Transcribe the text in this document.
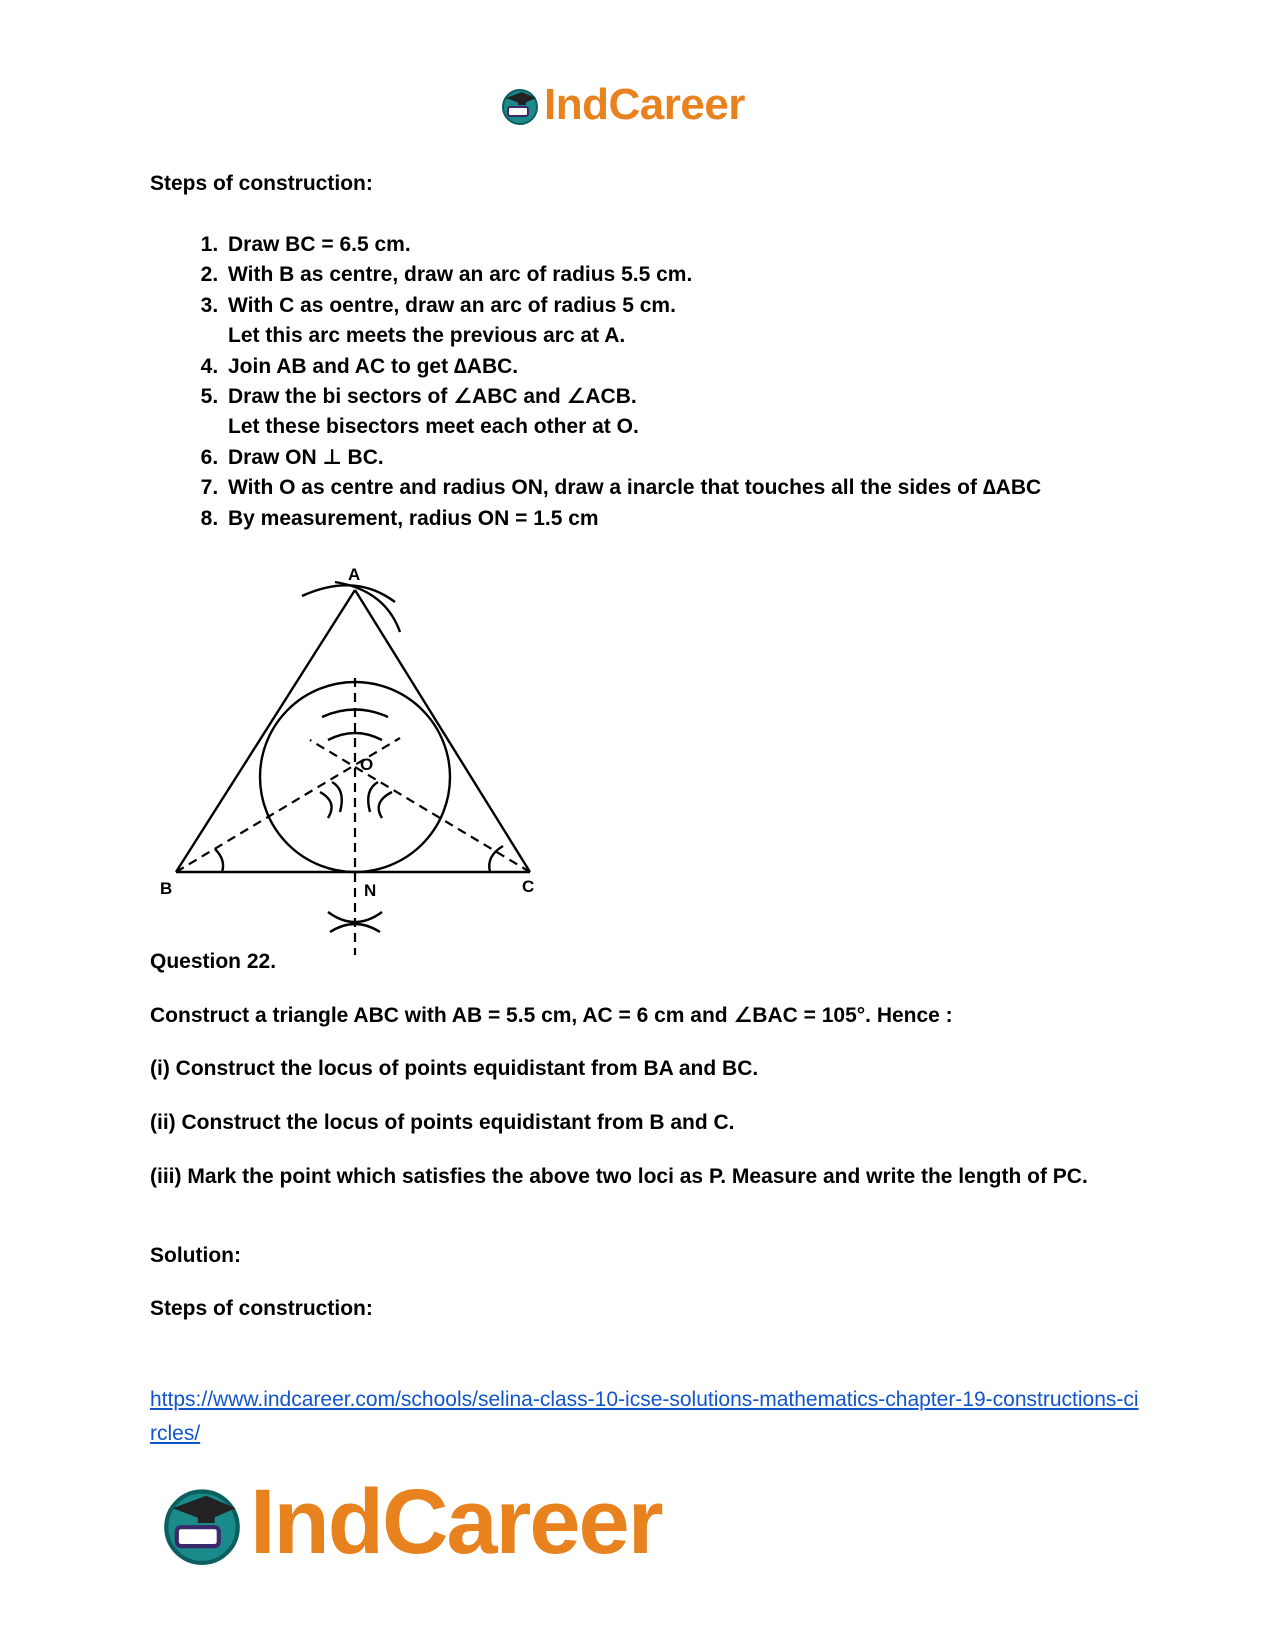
IndCareer
Steps of construction:
1. Draw BC = 6.5 cm.
2. With B as centre, draw an arc of radius 5.5 cm.
3. With C as oentre, draw an arc of radius 5 cm.
Let this arc meets the previous arc at A.
4. Join AB and AC to get ∆ABC.
5. Draw the bi sectors of ∠ABC and ∠ACB.
Let these bisectors meet each other at O.
6. Draw ON ⊥ BC.
7. With O as centre and radius ON, draw a inarcle that touches all the sides of ∆ABC
8. By measurement, radius ON = 1.5 cm
A
B	C
O
N
Question 22.
Construct a triangle ABC with AB = 5.5 cm, AC = 6 cm and ∠BAC = 105°. Hence :
(i) Construct the locus of points equidistant from BA and BC.
(ii) Construct the locus of points equidistant from B and C.
(iii) Mark the point which satisfies the above two loci as P. Measure and write the length of PC.
Solution:
Steps of construction:
https://www.indcareer.com/schools/selina-class-10-icse-solutions-mathematics-chapter-19-constructions-circles/
IndCareer
